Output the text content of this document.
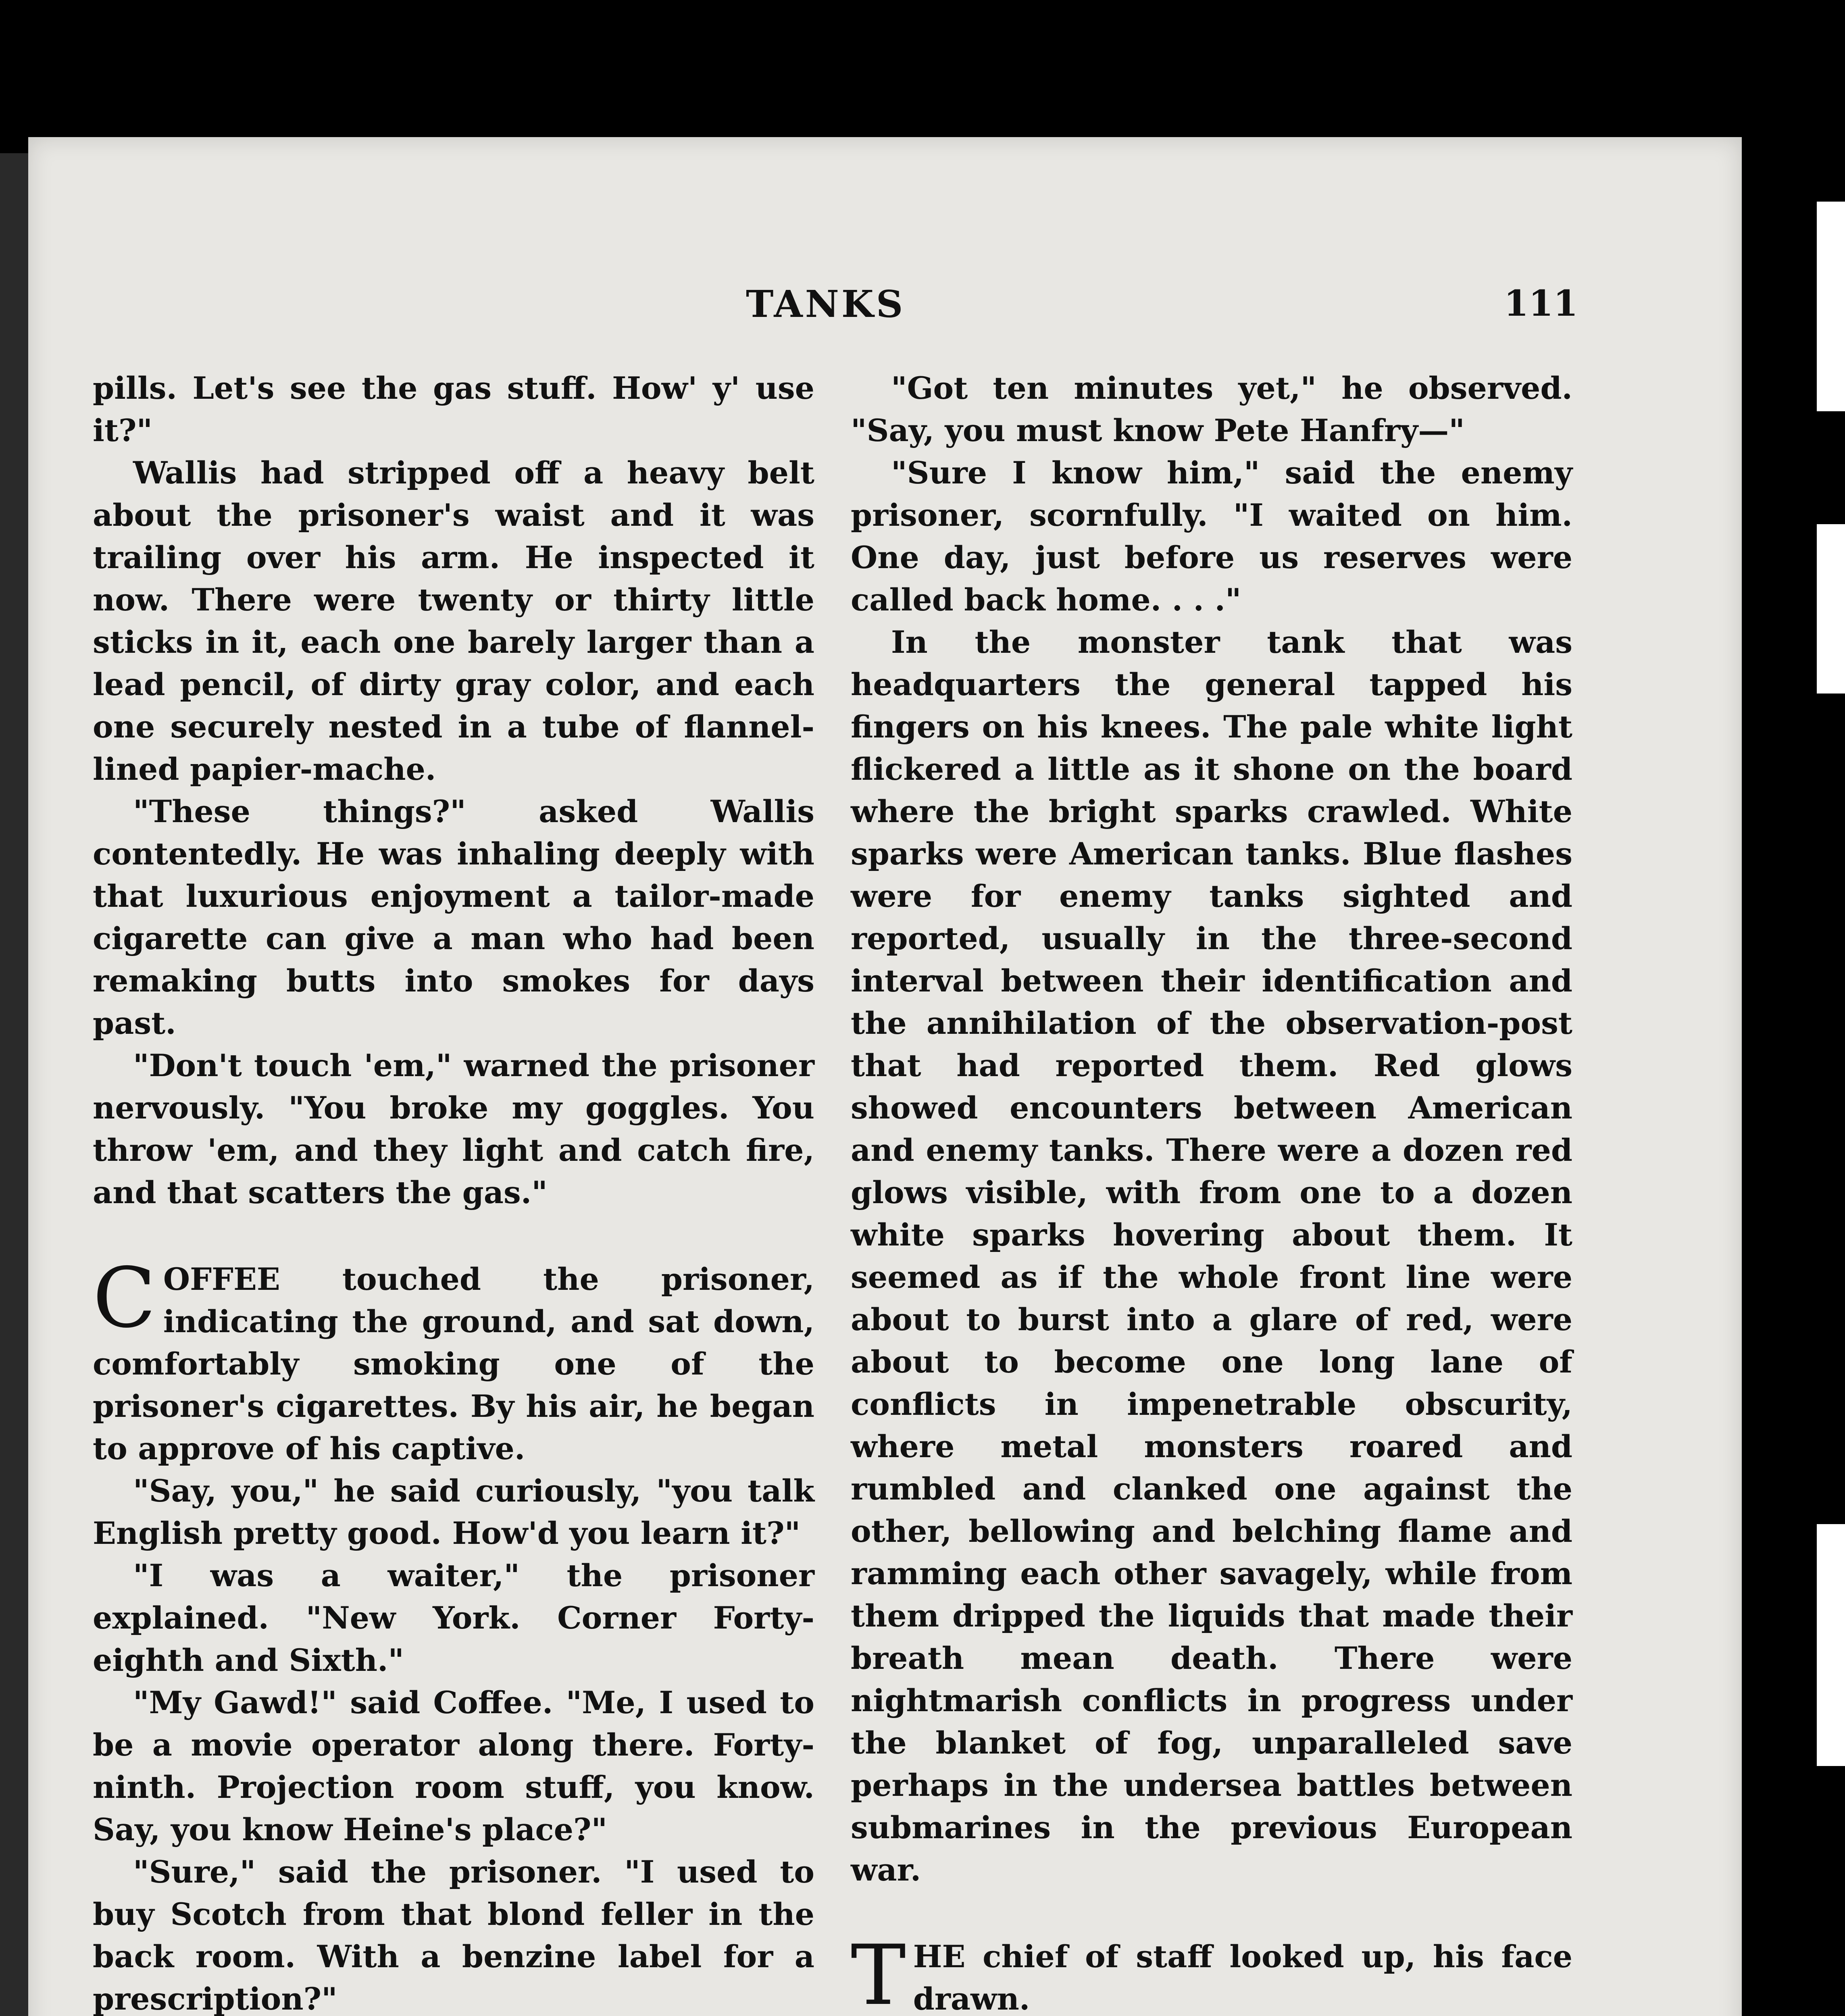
TANKS	111

pills. Let's see the gas stuff. How' y' use it?"

Wallis had stripped off a heavy belt about the prisoner's waist and it was trailing over his arm. He inspected it now. There were twenty or thirty little sticks in it, each one barely larger than a lead pencil, of dirty gray color, and each one securely nested in a tube of flannel-lined papier-mache.

"These things?" asked Wallis contentedly. He was inhaling deeply with that luxurious enjoyment a tailor-made cigarette can give a man who had been remaking butts into smokes for days past.

"Don't touch 'em," warned the prisoner nervously. "You broke my goggles. You throw 'em, and they light and catch fire, and that scatters the gas."

COFFEE touched the prisoner, indicating the ground, and sat down, comfortably smoking one of the prisoner's cigarettes. By his air, he began to approve of his captive.

"Say, you," he said curiously, "you talk English pretty good. How'd you learn it?"

"I was a waiter," the prisoner explained. "New York. Corner Forty-eighth and Sixth."

"My Gawd!" said Coffee. "Me, I used to be a movie operator along there. Forty-ninth. Projection room stuff, you know. Say, you know Heine's place?"

"Sure," said the prisoner. "I used to buy Scotch from that blond feller in the back room. With a benzine label for a prescription?"

"Got ten minutes yet," he observed. "Say, you must know Pete Hanfry—"

"Sure I know him," said the enemy prisoner, scornfully. "I waited on him. One day, just before us reserves were called back home. . . ."

In the monster tank that was headquarters the general tapped his fingers on his knees. The pale white light flickered a little as it shone on the board where the bright sparks crawled. White sparks were American tanks. Blue flashes were for enemy tanks sighted and reported, usually in the three-second interval between their identification and the annihilation of the observation-post that had reported them. Red glows showed encounters between American and enemy tanks. There were a dozen red glows visible, with from one to a dozen white sparks hovering about them. It seemed as if the whole front line were about to burst into a glare of red, were about to become one long lane of conflicts in impenetrable obscurity, where metal monsters roared and rumbled and clanked one against the other, bellowing and belching flame and ramming each other savagely, while from them dripped the liquids that made their breath mean death. There were nightmarish conflicts in progress under the blanket of fog, unparalleled save perhaps in the undersea battles between submarines in the previous European war.

THE chief of staff looked up, his face drawn.
